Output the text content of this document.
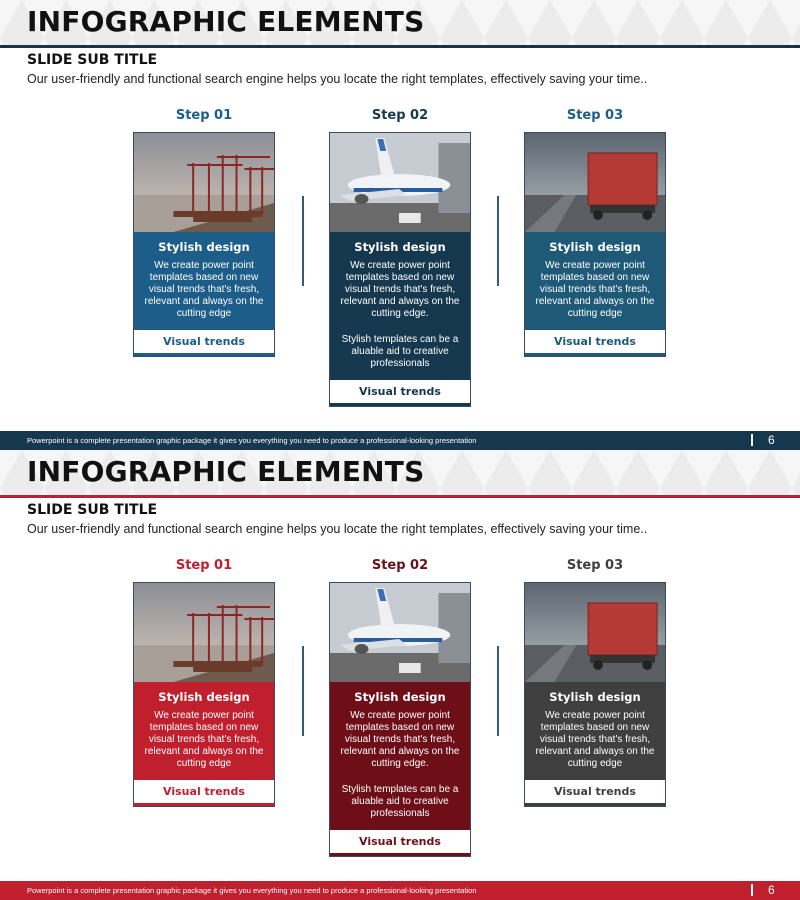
INFOGRAPHIC ELEMENTS
SLIDE SUB TITLE
Our user-friendly and functional search engine helps you locate the right templates, effectively saving your time..
Step 01	Step 02	Step 03
Stylish design

We create power point templates based on new visual trends that's fresh, relevant and always on the cutting edge

Visual trends
Stylish design

We create power point templates based on new visual trends that's fresh, relevant and always on the cutting edge.

Stylish templates can be a aluable aid to creative professionals

Visual trends
Stylish design

We create power point templates based on new visual trends that's fresh, relevant and always on the cutting edge

Visual trends
Powerpoint is a complete presentation graphic package it gives you everything you need to produce a professional-looking presentation	6
INFOGRAPHIC ELEMENTS
SLIDE SUB TITLE
Our user-friendly and functional search engine helps you locate the right templates, effectively saving your time..
Step 01	Step 02	Step 03
Stylish design

We create power point templates based on new visual trends that's fresh, relevant and always on the cutting edge

Visual trends
Stylish design

We create power point templates based on new visual trends that's fresh, relevant and always on the cutting edge.

Stylish templates can be a aluable aid to creative professionals

Visual trends
Stylish design

We create power point templates based on new visual trends that's fresh, relevant and always on the cutting edge

Visual trends
Powerpoint is a complete presentation graphic package it gives you everything you need to produce a professional-looking presentation	6
